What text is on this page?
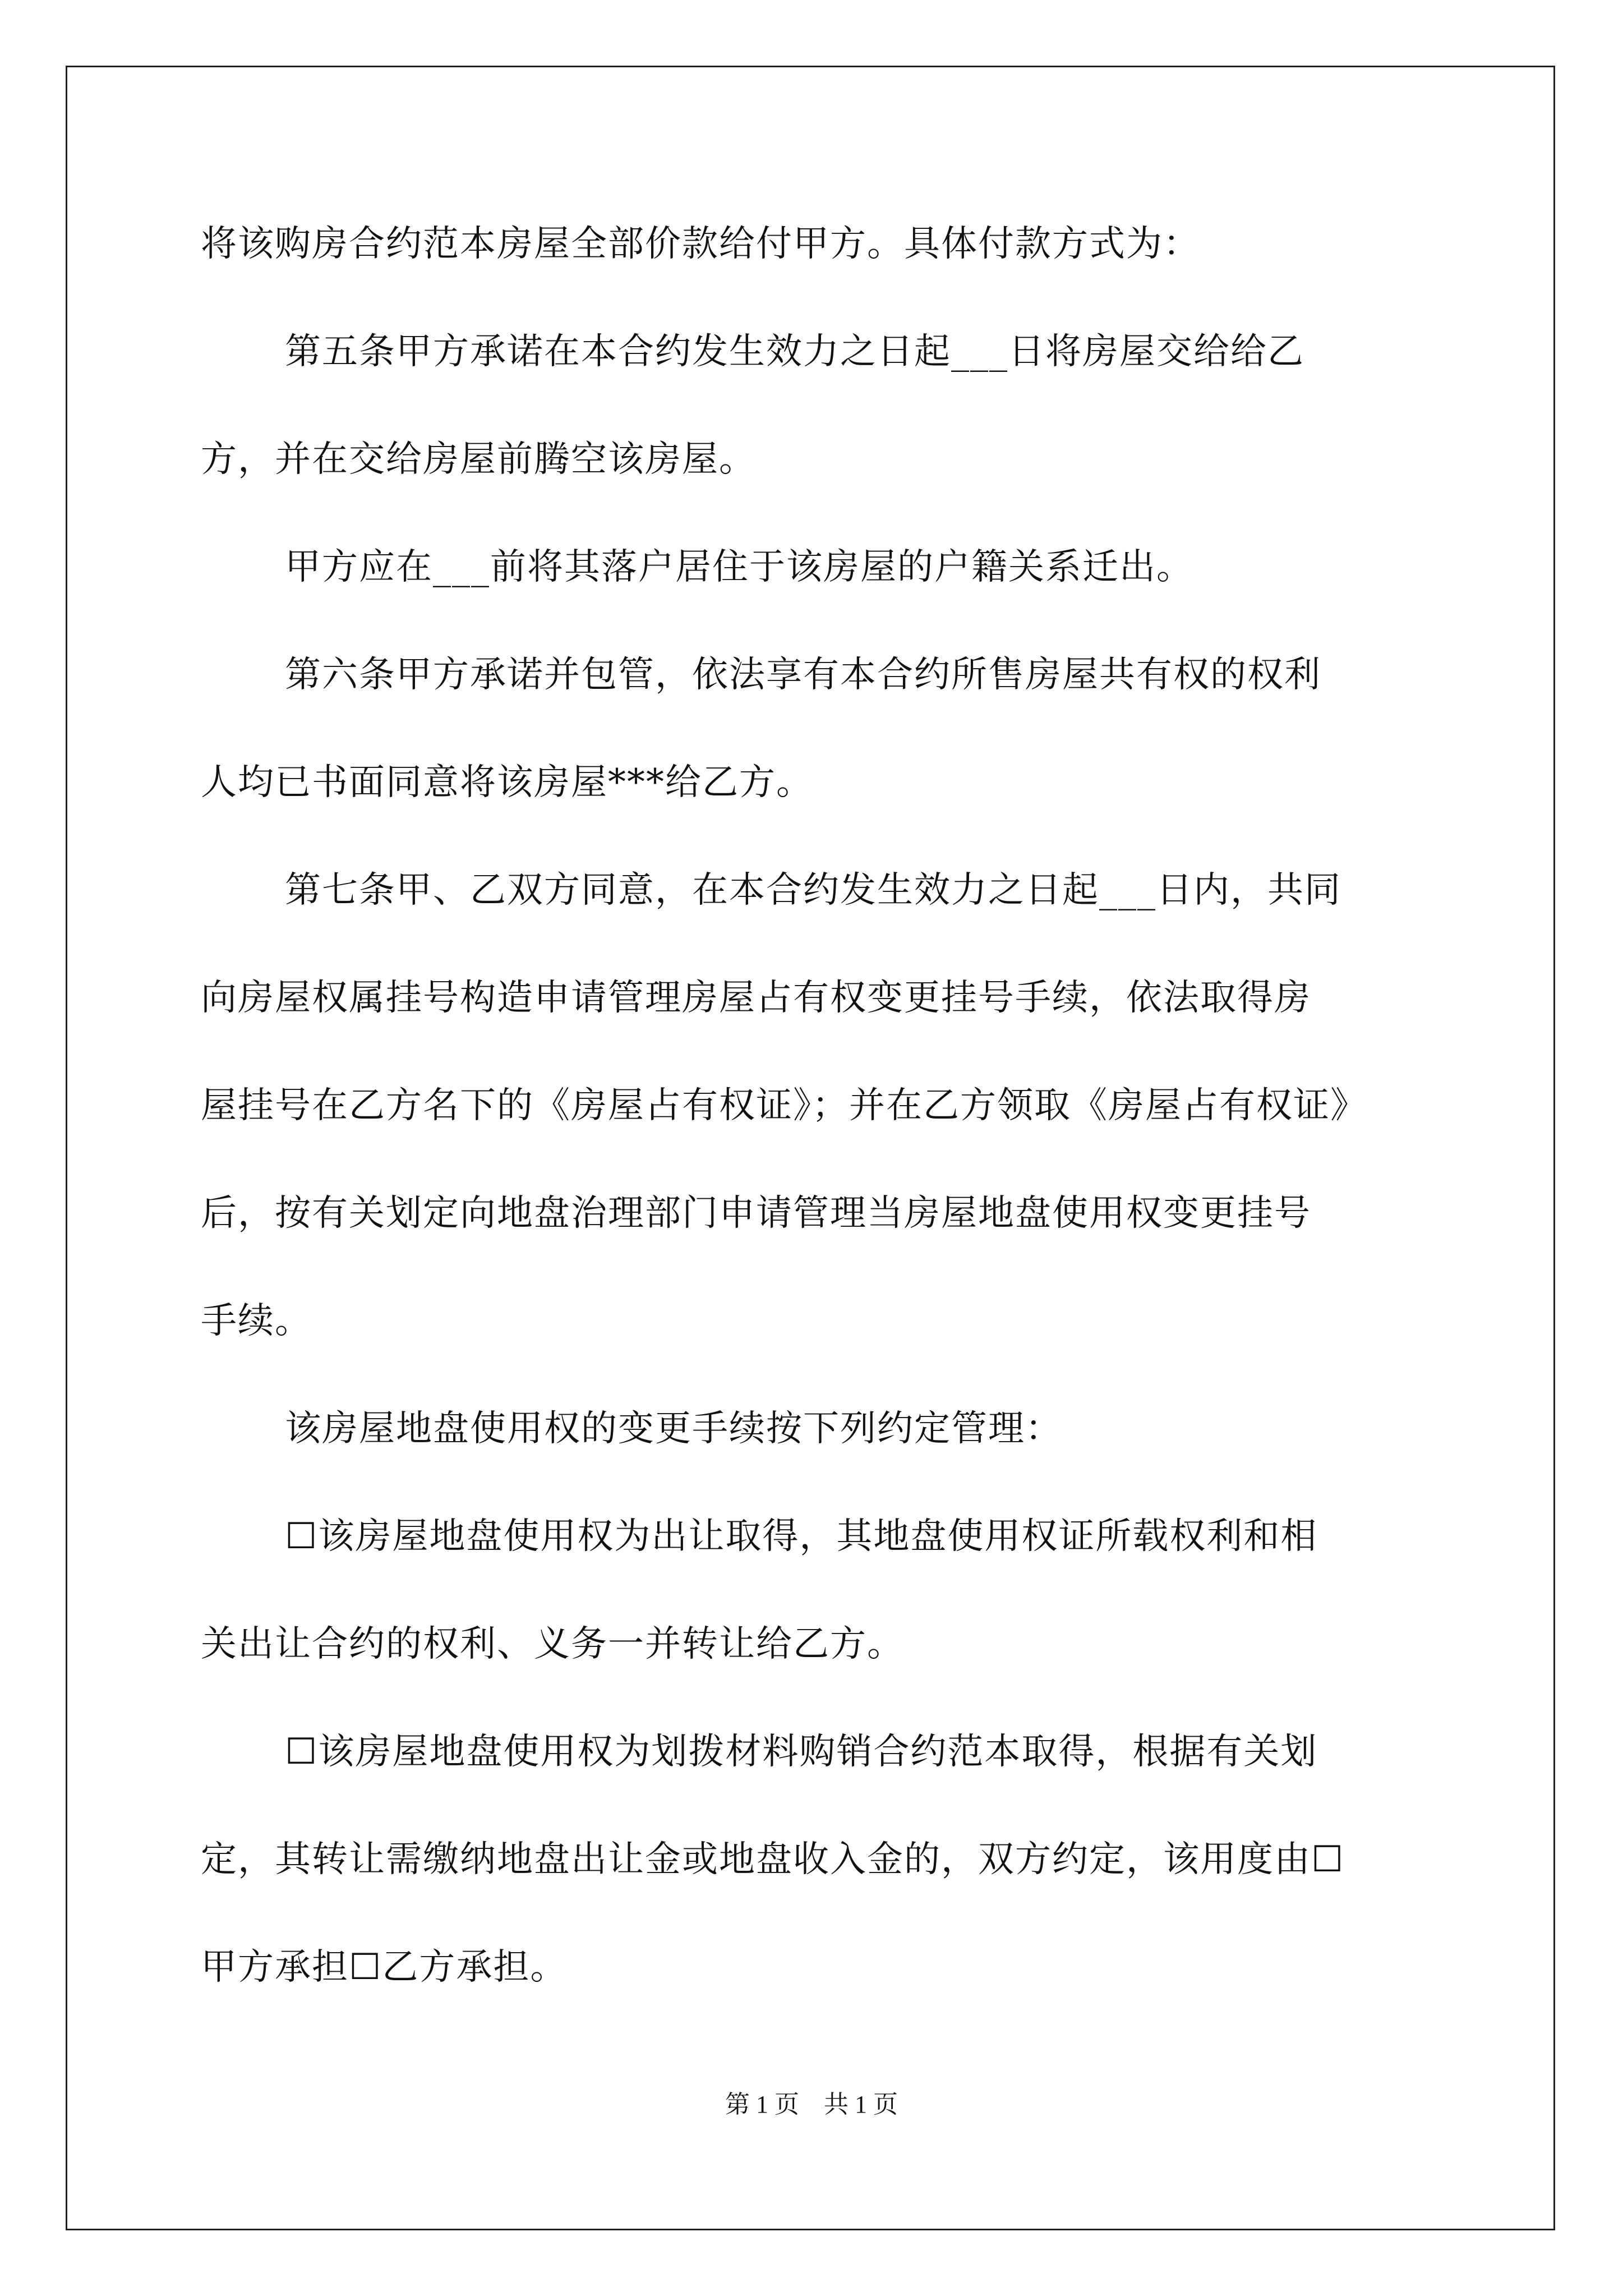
将该购房合约范本房屋全部价款给付甲方。具体付款方式为：
第五条甲方承诺在本合约发生效力之日起___日将房屋交给给乙
方，并在交给房屋前腾空该房屋。
甲方应在___前将其落户居住于该房屋的户籍关系迁出。
第六条甲方承诺并包管，依法享有本合约所售房屋共有权的权利
人均已书面同意将该房屋***给乙方。
第七条甲、乙双方同意，在本合约发生效力之日起___日内，共同
向房屋权属挂号构造申请管理房屋占有权变更挂号手续，依法取得房
屋挂号在乙方名下的《房屋占有权证》；并在乙方领取《房屋占有权证》
后，按有关划定向地盘治理部门申请管理当房屋地盘使用权变更挂号
手续。
该房屋地盘使用权的变更手续按下列约定管理：
☐该房屋地盘使用权为出让取得，其地盘使用权证所载权利和相
关出让合约的权利、义务一并转让给乙方。
☐该房屋地盘使用权为划拨材料购销合约范本取得，根据有关划
定，其转让需缴纳地盘出让金或地盘收入金的，双方约定，该用度由☐
甲方承担☐乙方承担。
第 1 页    共 1 页
